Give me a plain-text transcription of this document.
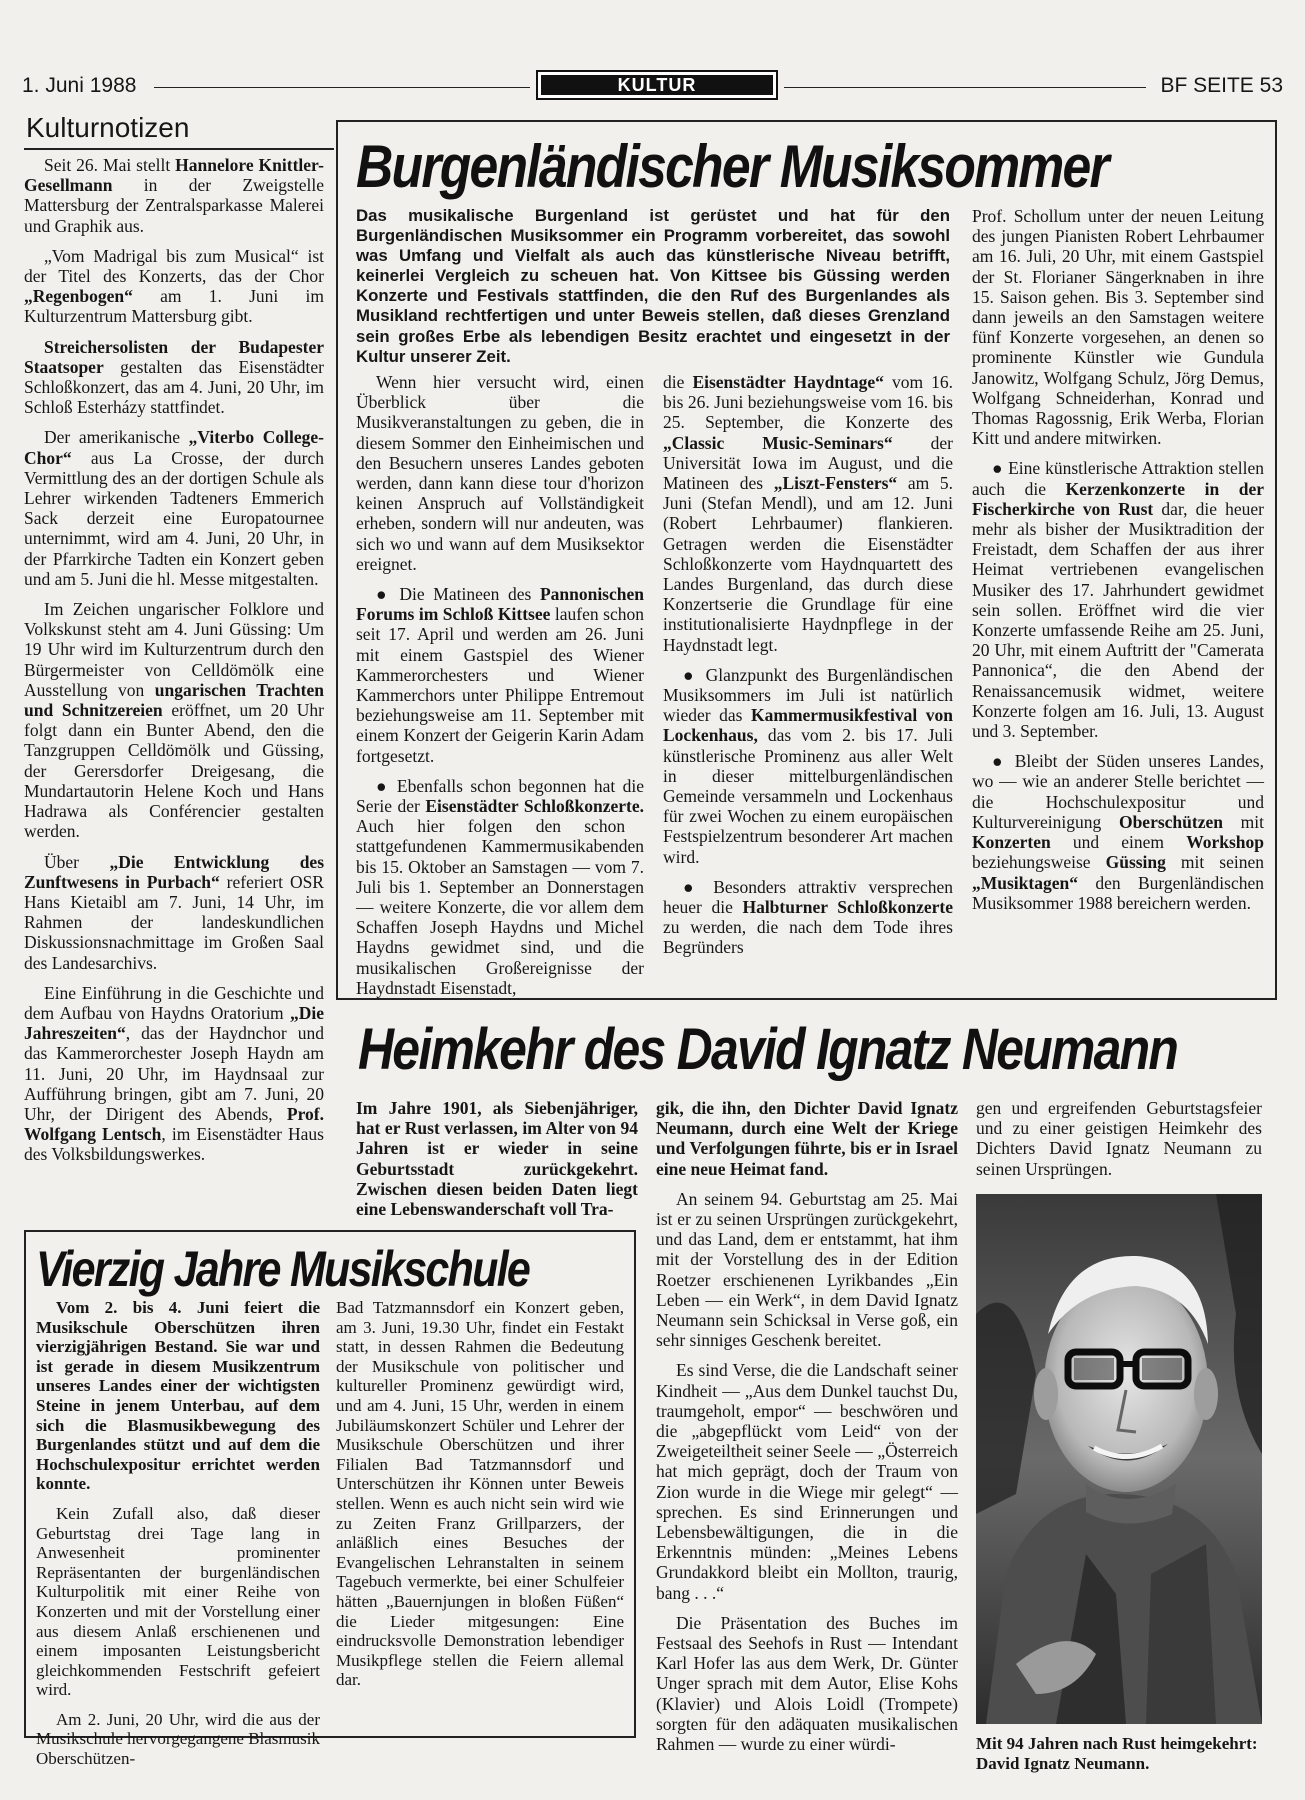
1. Juni 1988	KULTUR	BF SEITE 53
Kulturnotizen

Seit 26. Mai stellt Hannelore Knittler-Gesellmann in der Zweigstelle Mattersburg der Zentralsparkasse Malerei und Graphik aus.

„Vom Madrigal bis zum Musical“ ist der Titel des Konzerts, das der Chor „Regenbogen“ am 1. Juni im Kulturzentrum Mattersburg gibt.

Streichersolisten der Budapester Staatsoper gestalten das Eisenstädter Schloßkonzert, das am 4. Juni, 20 Uhr, im Schloß Esterházy stattfindet.

Der amerikanische „Viterbo College-Chor“ aus La Crosse, der durch Vermittlung des an der dortigen Schule als Lehrer wirkenden Tadteners Emmerich Sack derzeit eine Europatournee unternimmt, wird am 4. Juni, 20 Uhr, in der Pfarrkirche Tadten ein Konzert geben und am 5. Juni die hl. Messe mitgestalten.

Im Zeichen ungarischer Folklore und Volkskunst steht am 4. Juni Güssing: Um 19 Uhr wird im Kulturzentrum durch den Bürgermeister von Celldömölk eine Ausstellung von ungarischen Trachten und Schnitzereien eröffnet, um 20 Uhr folgt dann ein Bunter Abend, den die Tanzgruppen Celldömölk und Güssing, der Gerersdorfer Dreigesang, die Mundartautorin Helene Koch und Hans Hadrawa als Conférencier gestalten werden.

Über „Die Entwicklung des Zunftwesens in Purbach“ referiert OSR Hans Kietaibl am 7. Juni, 14 Uhr, im Rahmen der landeskundlichen Diskussionsnachmittage im Großen Saal des Landesarchivs.

Eine Einführung in die Geschichte und dem Aufbau von Haydns Oratorium „Die Jahreszeiten“, das der Haydnchor und das Kammerorchester Joseph Haydn am 11. Juni, 20 Uhr, im Haydnsaal zur Aufführung bringen, gibt am 7. Juni, 20 Uhr, der Dirigent des Abends, Prof. Wolfgang Lentsch, im Eisenstädter Haus des Volksbildungswerkes.

Burgenländischer Musiksommer

Das musikalische Burgenland ist gerüstet und hat für den Burgenländischen Musiksommer ein Programm vorbereitet, das sowohl was Umfang und Vielfalt als auch das künstlerische Niveau betrifft, keinerlei Vergleich zu scheuen hat. Von Kittsee bis Güssing werden Konzerte und Festivals stattfinden, die den Ruf des Burgenlandes als Musikland rechtfertigen und unter Beweis stellen, daß dieses Grenzland sein großes Erbe als lebendigen Besitz erachtet und eingesetzt in der Kultur unserer Zeit.

Wenn hier versucht wird, einen Überblick über die Musikveranstaltungen zu geben, die in diesem Sommer den Einheimischen und den Besuchern unseres Landes geboten werden, dann kann diese tour d'horizon keinen Anspruch auf Vollständigkeit erheben, sondern will nur andeuten, was sich wo und wann auf dem Musiksektor ereignet.

● Die Matineen des Pannonischen Forums im Schloß Kittsee laufen schon seit 17. April und werden am 26. Juni mit einem Gastspiel des Wiener Kammerorchesters und Wiener Kammerchors unter Philippe Entremout beziehungsweise am 11. September mit einem Konzert der Geigerin Karin Adam fortgesetzt.

● Ebenfalls schon begonnen hat die Serie der Eisenstädter Schloßkonzerte. Auch hier folgen den schon stattgefundenen Kammermusikabenden bis 15. Oktober an Samstagen — vom 7. Juli bis 1. September an Donnerstagen — weitere Konzerte, die vor allem dem Schaffen Joseph Haydns und Michel Haydns gewidmet sind, und die musikalischen Großereignisse der Haydnstadt Eisenstadt,

die Eisenstädter Haydntage“ vom 16. bis 26. Juni beziehungsweise vom 16. bis 25. September, die Konzerte des „Classic Music-Seminars“ der Universität Iowa im August, und die Matineen des „Liszt-Fensters“ am 5. Juni (Stefan Mendl), und am 12. Juni (Robert Lehrbaumer) flankieren. Getragen werden die Eisenstädter Schloßkonzerte vom Haydnquartett des Landes Burgenland, das durch diese Konzertserie die Grundlage für eine institutionalisierte Haydnpflege in der Haydnstadt legt.

● Glanzpunkt des Burgenländischen Musiksommers im Juli ist natürlich wieder das Kammermusikfestival von Lockenhaus, das vom 2. bis 17. Juli künstlerische Prominenz aus aller Welt in dieser mittelburgenländischen Gemeinde versammeln und Lockenhaus für zwei Wochen zu einem europäischen Festspielzentrum besonderer Art machen wird.

● Besonders attraktiv versprechen heuer die Halbturner Schloßkonzerte zu werden, die nach dem Tode ihres Begründers

Prof. Schollum unter der neuen Leitung des jungen Pianisten Robert Lehrbaumer am 16. Juli, 20 Uhr, mit einem Gastspiel der St. Florianer Sängerknaben in ihre 15. Saison gehen. Bis 3. September sind dann jeweils an den Samstagen weitere fünf Konzerte vorgesehen, an denen so prominente Künstler wie Gundula Janowitz, Wolfgang Schulz, Jörg Demus, Wolfgang Schneiderhan, Konrad und Thomas Ragossnig, Erik Werba, Florian Kitt und andere mitwirken.

● Eine künstlerische Attraktion stellen auch die Kerzenkonzerte in der Fischerkirche von Rust dar, die heuer mehr als bisher der Musiktradition der Freistadt, dem Schaffen der aus ihrer Heimat vertriebenen evangelischen Musiker des 17. Jahrhundert gewidmet sein sollen. Eröffnet wird die vier Konzerte umfassende Reihe am 25. Juni, 20 Uhr, mit einem Auftritt der "Camerata Pannonica“, die den Abend der Renaissancemusik widmet, weitere Konzerte folgen am 16. Juli, 13. August und 3. September.

● Bleibt der Süden unseres Landes, wo — wie an anderer Stelle berichtet — die Hochschulexpositur und Kulturvereinigung Oberschützen mit Konzerten und einem Workshop beziehungsweise Güssing mit seinen „Musiktagen“ den Burgenländischen Musiksommer 1988 bereichern werden.

Heimkehr des David Ignatz Neumann

Im Jahre 1901, als Siebenjähriger, hat er Rust verlassen, im Alter von 94 Jahren ist er wieder in seine Geburtsstadt zurückgekehrt. Zwischen diesen beiden Daten liegt eine Lebenswanderschaft voll Tra-

gik, die ihn, den Dichter David Ignatz Neumann, durch eine Welt der Kriege und Verfolgungen führte, bis er in Israel eine neue Heimat fand.

An seinem 94. Geburtstag am 25. Mai ist er zu seinen Ursprüngen zurückgekehrt, und das Land, dem er entstammt, hat ihm mit der Vorstellung des in der Edition Roetzer erschienenen Lyrikbandes „Ein Leben — ein Werk“, in dem David Ignatz Neumann sein Schicksal in Verse goß, ein sehr sinniges Geschenk bereitet.

Es sind Verse, die die Landschaft seiner Kindheit — „Aus dem Dunkel tauchst Du, traumgeholt, empor“ — beschwören und die „abgepflückt vom Leid“ von der Zweigeteiltheit seiner Seele — „Österreich hat mich geprägt, doch der Traum von Zion wurde in die Wiege mir gelegt“ — sprechen. Es sind Erinnerungen und Lebensbewältigungen, die in die Erkenntnis münden: „Meines Lebens Grundakkord bleibt ein Mollton, traurig, bang . . .“

Die Präsentation des Buches im Festsaal des Seehofs in Rust — Intendant Karl Hofer las aus dem Werk, Dr. Günter Unger sprach mit dem Autor, Elise Kohs (Klavier) und Alois Loidl (Trompete) sorgten für den adäquaten musikalischen Rahmen — wurde zu einer würdi-

gen und ergreifenden Geburtstagsfeier und zu einer geistigen Heimkehr des Dichters David Ignatz Neumann zu seinen Ursprüngen.

Mit 94 Jahren nach Rust heimgekehrt: David Ignatz Neumann.
Vierzig Jahre Musikschule

Vom 2. bis 4. Juni feiert die Musikschule Oberschützen ihren vierzigjährigen Bestand. Sie war und ist gerade in diesem Musikzentrum unseres Landes einer der wichtigsten Steine in jenem Unterbau, auf dem sich die Blasmusikbewegung des Burgenlandes stützt und auf dem die Hochschulexpositur errichtet werden konnte.

Kein Zufall also, daß dieser Geburtstag drei Tage lang in Anwesenheit prominenter Repräsentanten der burgenländischen Kulturpolitik mit einer Reihe von Konzerten und mit der Vorstellung einer aus diesem Anlaß erschienenen und einem imposanten Leistungsbericht gleichkommenden Festschrift gefeiert wird.

Am 2. Juni, 20 Uhr, wird die aus der Musikschule hervorgegangene Blasmusik Oberschützen-

Bad Tatzmannsdorf ein Konzert geben, am 3. Juni, 19.30 Uhr, findet ein Festakt statt, in dessen Rahmen die Bedeutung der Musikschule von politischer und kultureller Prominenz gewürdigt wird, und am 4. Juni, 15 Uhr, werden in einem Jubiläumskonzert Schüler und Lehrer der Musikschule Oberschützen und ihrer Filialen Bad Tatzmannsdorf und Unterschützen ihr Können unter Beweis stellen. Wenn es auch nicht sein wird wie zu Zeiten Franz Grillparzers, der anläßlich eines Besuches der Evangelischen Lehranstalten in seinem Tagebuch vermerkte, bei einer Schulfeier hätten „Bauernjungen in bloßen Füßen“ die Lieder mitgesungen: Eine eindrucksvolle Demonstration lebendiger Musikpflege stellen die Feiern allemal dar.
